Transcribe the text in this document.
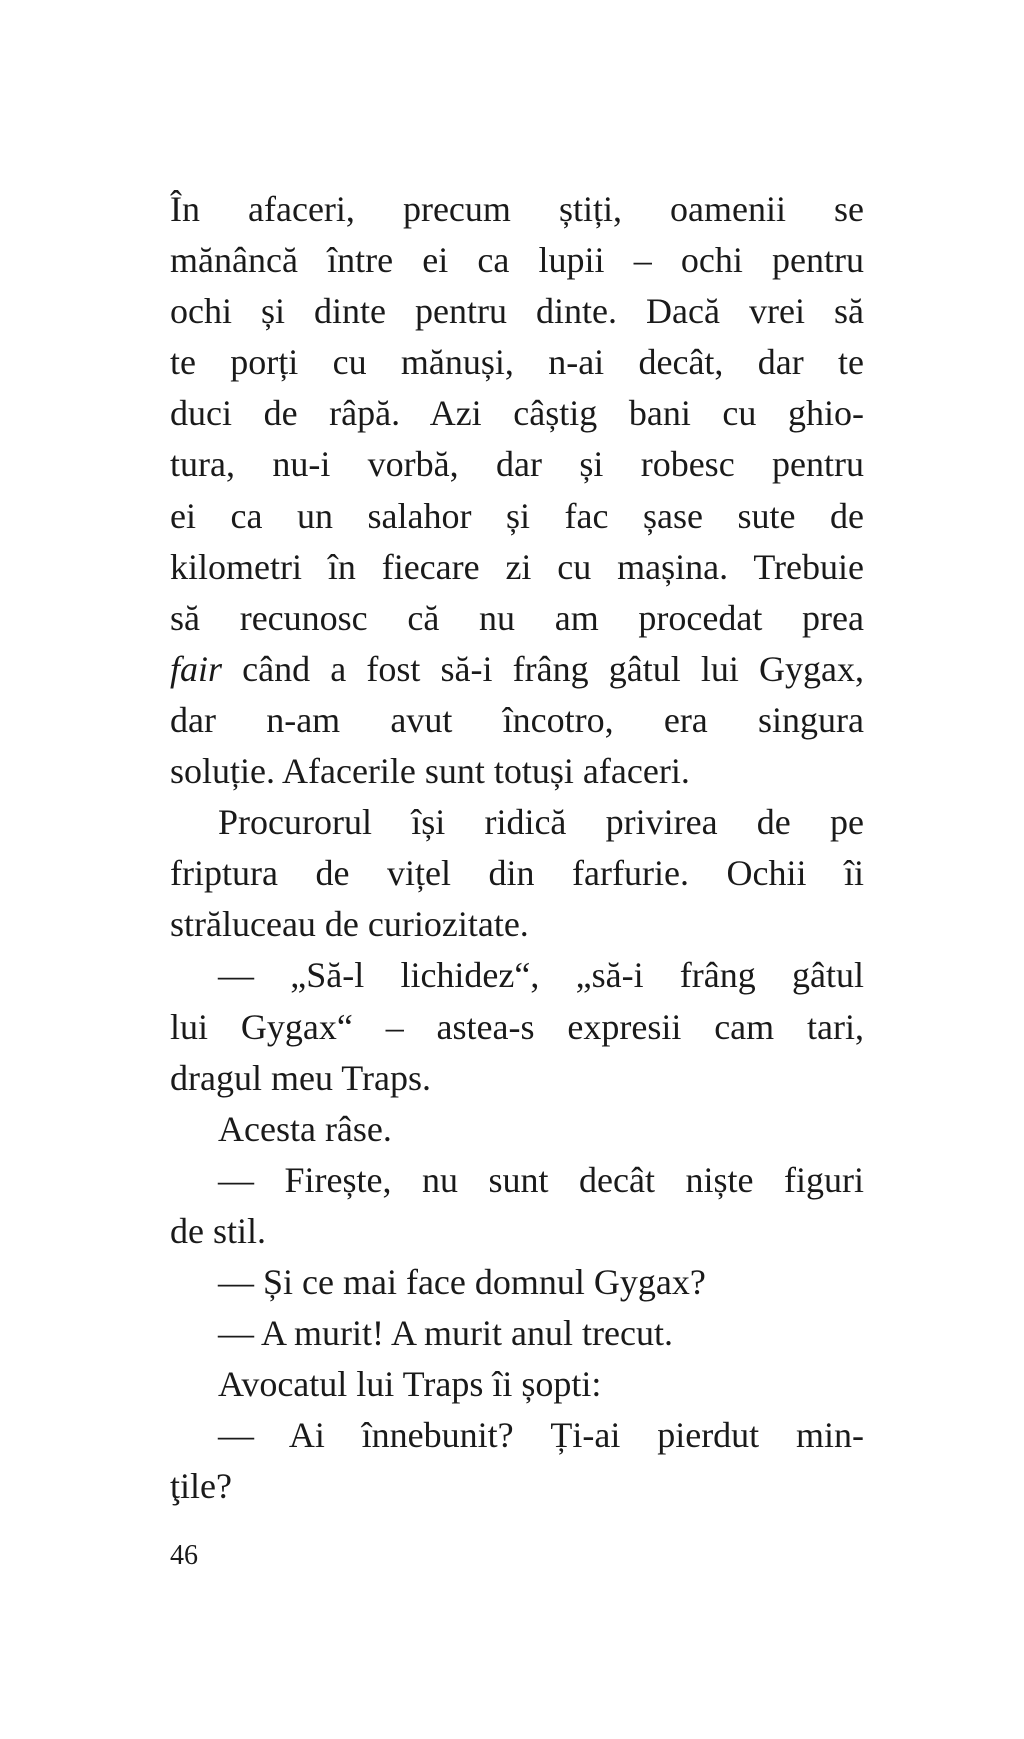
În afaceri, precum știți, oamenii se
mănâncă între ei ca lupii – ochi pentru
ochi și dinte pentru dinte. Dacă vrei să
te porți cu mănuși, n-ai decât, dar te
duci de râpă. Azi câștig bani cu ghio-
tura, nu-i vorbă, dar și robesc pentru
ei ca un salahor și fac șase sute de
kilometri în fiecare zi cu mașina. Trebuie
să recunosc că nu am procedat prea
fair când a fost să-i frâng gâtul lui Gygax,
dar n-am avut încotro, era singura
soluție. Afacerile sunt totuși afaceri.
Procurorul își ridică privirea de pe
friptura de vițel din farfurie. Ochii îi
străluceau de curiozitate.
— „Să-l lichidez“, „să-i frâng gâtul
lui Gygax“ – astea-s expresii cam tari,
dragul meu Traps.
Acesta râse.
— Firește, nu sunt decât niște figuri
de stil.
— Și ce mai face domnul Gygax?
— A murit! A murit anul trecut.
Avocatul lui Traps îi șopti:
— Ai înnebunit? Ți-ai pierdut min-
ţile?
46
